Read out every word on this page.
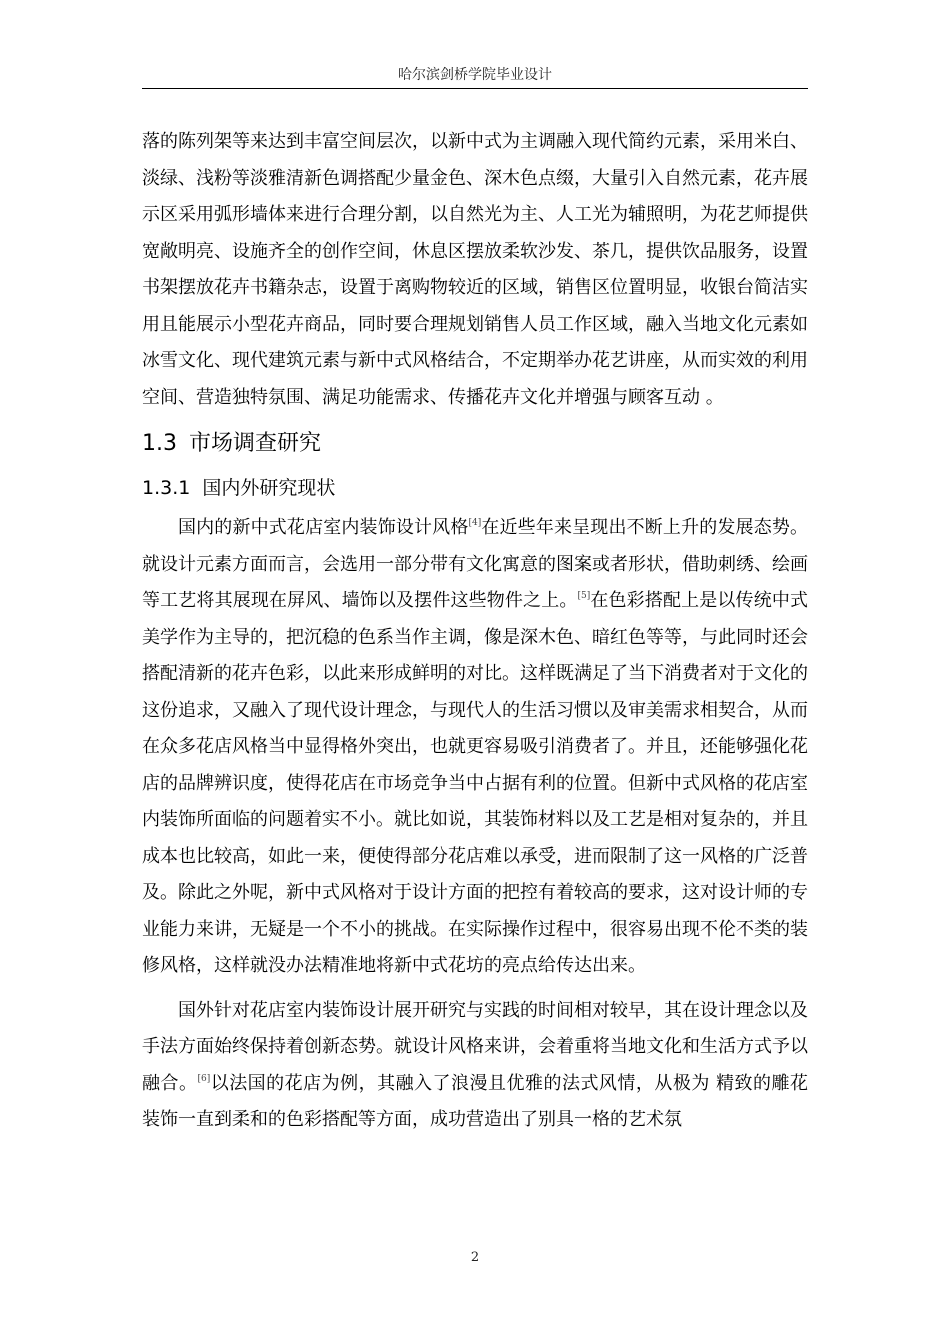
哈尔滨剑桥学院毕业设计

落的陈列架等来达到丰富空间层次，以新中式为主调融入现代简约元素，采用米白、淡绿、浅粉等淡雅清新色调搭配少量金色、深木色点缀，大量引入自然元素，花卉展示区采用弧形墙体来进行合理分割，以自然光为主、人工光为辅照明，为花艺师提供宽敞明亮、设施齐全的创作空间，休息区摆放柔软沙发、茶几，提供饮品服务，设置书架摆放花卉书籍杂志，设置于离购物较近的区域，销售区位置明显，收银台简洁实用且能展示小型花卉商品，同时要合理规划销售人员工作区域，融入当地文化元素如冰雪文化、现代建筑元素与新中式风格结合，不定期举办花艺讲座，从而实效的利用空间、营造独特氛围、满足功能需求、传播花卉文化并增强与顾客互动 。

1.3 市场调查研究
1.3.1 国内外研究现状

国内的新中式花店室内装饰设计风格[4]在近些年来呈现出不断上升的发展态势。就设计元素方面而言，会选用一部分带有文化寓意的图案或者形状，借助刺绣、绘画等工艺将其展现在屏风、墙饰以及摆件这些物件之上。[5]在色彩搭配上是以传统中式美学作为主导的，把沉稳的色系当作主调，像是深木色、暗红色等等，与此同时还会搭配清新的花卉色彩，以此来形成鲜明的对比。这样既满足了当下消费者对于文化的这份追求，又融入了现代设计理念，与现代人的生活习惯以及审美需求相契合，从而在众多花店风格当中显得格外突出，也就更容易吸引消费者了。并且，还能够强化花店的品牌辨识度，使得花店在市场竞争当中占据有利的位置。但新中式风格的花店室内装饰所面临的问题着实不小。就比如说，其装饰材料以及工艺是相对复杂的，并且成本也比较高，如此一来，便使得部分花店难以承受，进而限制了这一风格的广泛普及。除此之外呢，新中式风格对于设计方面的把控有着较高的要求，这对设计师的专业能力来讲，无疑是一个不小的挑战。在实际操作过程中，很容易出现不伦不类的装修风格，这样就没办法精准地将新中式花坊的亮点给传达出来。

国外针对花店室内装饰设计展开研究与实践的时间相对较早，其在设计理念以及手法方面始终保持着创新态势。就设计风格来讲，会着重将当地文化和生活方式予以融合。[6]以法国的花店为例，其融入了浪漫且优雅的法式风情，从极为 精致的雕花装饰一直到柔和的色彩搭配等方面，成功营造出了别具一格的艺术氛

2
